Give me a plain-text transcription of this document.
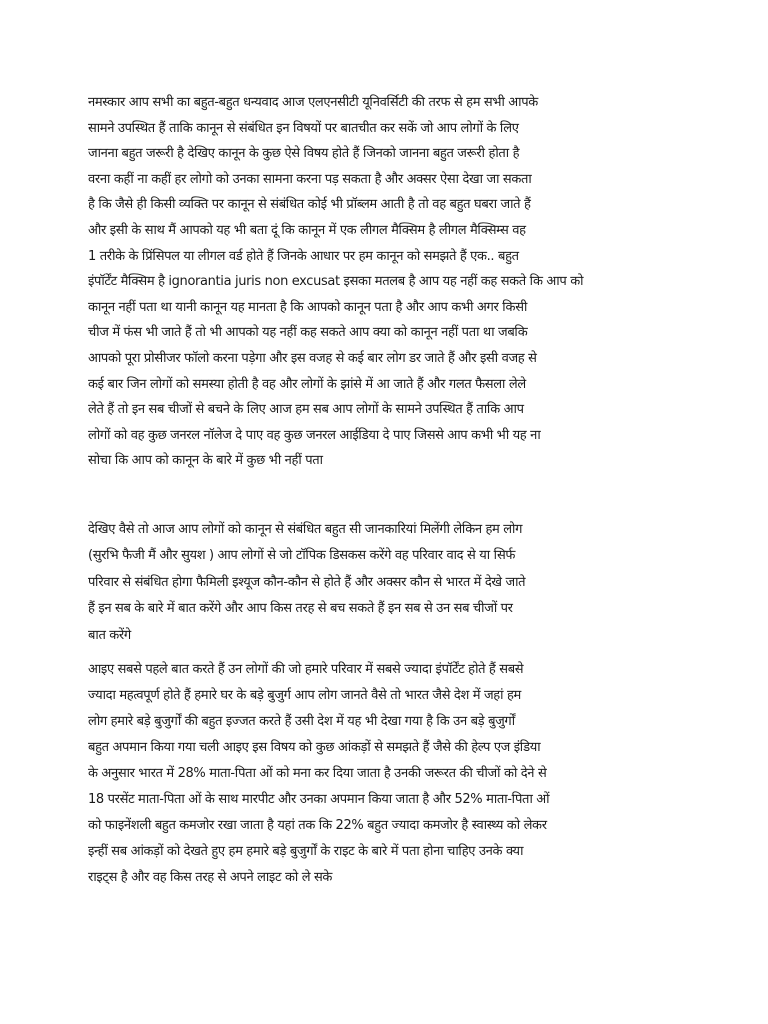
नमस्कार आप सभी का बहुत-बहुत धन्यवाद आज एलएनसीटी यूनिवर्सिटी की तरफ से हम सभी आपके
सामने उपस्थित हैं ताकि कानून से संबंधित इन विषयों पर बातचीत कर सकें जो आप लोगों के लिए
जानना बहुत जरूरी है देखिए कानून के कुछ ऐसे विषय होते हैं जिनको जानना बहुत जरूरी होता है
वरना कहीं ना कहीं हर लोगो को उनका सामना करना पड़ सकता है और अक्सर ऐसा देखा जा सकता
है कि जैसे ही किसी व्यक्ति पर कानून से संबंधित कोई भी प्रॉब्लम आती है तो वह बहुत घबरा जाते हैं
और इसी के साथ मैं आपको यह भी बता दूं कि कानून में एक लीगल मैक्सिम है लीगल मैक्सिम्स वह
1 तरीके के प्रिंसिपल या लीगल वर्ड होते हैं जिनके आधार पर हम कानून को समझते हैं एक.. बहुत
इंपॉर्टेंट मैक्सिम है ignorantia juris non excusat इसका मतलब है आप यह नहीं कह सकते कि आप को
कानून नहीं पता था यानी कानून यह मानता है कि आपको कानून पता है और आप कभी अगर किसी
चीज में फंस भी जाते हैं तो भी आपको यह नहीं कह सकते आप क्या को कानून नहीं पता था जबकि
आपको पूरा प्रोसीजर फॉलो करना पड़ेगा और इस वजह से कई बार लोग डर जाते हैं और इसी वजह से
कई बार जिन लोगों को समस्या होती है वह और लोगों के झांसे में आ जाते हैं और गलत फैसला लेले
लेते हैं तो इन सब चीजों से बचने के लिए आज हम सब आप लोगों के सामने उपस्थित हैं ताकि आप
लोगों को वह कुछ जनरल नॉलेज दे पाए वह कुछ जनरल आईडिया दे पाए जिससे आप कभी भी यह ना
सोचा कि आप को कानून के बारे में कुछ भी नहीं पता
देखिए वैसे तो आज आप लोगों को कानून से संबंधित बहुत सी जानकारियां मिलेंगी लेकिन हम लोग
(सुरभि फैजी मैं और सुयश ) आप लोगों से जो टॉपिक डिसकस करेंगे वह परिवार वाद से या सिर्फ
परिवार से संबंधित होगा फैमिली इश्यूज कौन-कौन से होते हैं और अक्सर कौन से भारत में देखे जाते
हैं इन सब के बारे में बात करेंगे और आप किस तरह से बच सकते हैं इन सब से उन सब चीजों पर
बात करेंगे
आइए सबसे पहले बात करते हैं उन लोगों की जो हमारे परिवार में सबसे ज्यादा इंपॉर्टेंट होते हैं सबसे
ज्यादा महत्वपूर्ण होते हैं हमारे घर के बड़े बुजुर्ग आप लोग जानते वैसे तो भारत जैसे देश में जहां हम
लोग हमारे बड़े बुजुर्गों की बहुत इज्जत करते हैं उसी देश में यह भी देखा गया है कि उन बड़े बुजुर्गों
बहुत अपमान किया गया चली आइए इस विषय को कुछ आंकड़ों से समझते हैं जैसे की हेल्प एज इंडिया
के अनुसार भारत में 28% माता-पिता ओं को मना कर दिया जाता है उनकी जरूरत की चीजों को देने से
18 परसेंट माता-पिता ओं के साथ मारपीट और उनका अपमान किया जाता है और 52% माता-पिता ओं
को फाइनेंशली बहुत कमजोर रखा जाता है यहां तक कि 22% बहुत ज्यादा कमजोर है स्वास्थ्य को लेकर
इन्हीं सब आंकड़ों को देखते हुए हम हमारे बड़े बुजुर्गों के राइट के बारे में पता होना चाहिए उनके क्या
राइट्स है और वह किस तरह से अपने लाइट को ले सके
